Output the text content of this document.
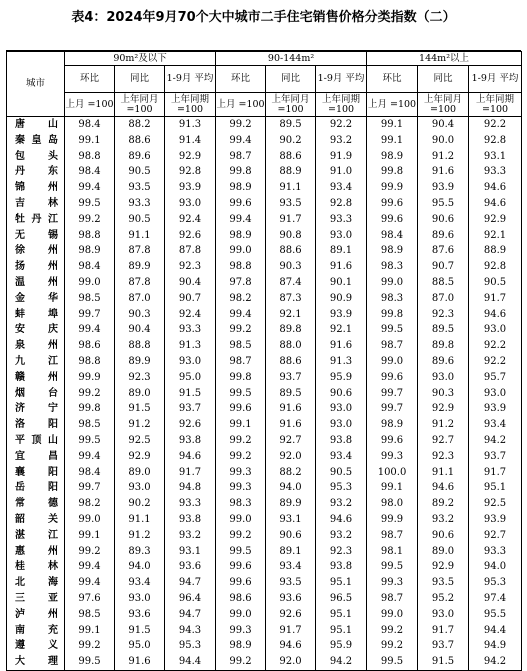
表4：2024年9月70个大中城市二手住宅销售价格分类指数（二）
城市	90m²及以下			90-144m²			144m²以上		
	环比	同比	1-9月 平均	环比	同比	1-9月 平均	环比	同比	1-9月 平均
	上月 =100	上年同月 =100	上年同期 =100	上月 =100	上年同月 =100	上年同期 =100	上月 =100	上年同月 =100	上年同期 =100
唐山	98.4	88.2	91.3	99.2	89.5	92.2	99.1	90.4	92.2
秦皇岛	99.1	88.6	91.4	99.4	90.2	93.2	99.1	90.0	92.8
包头	98.8	89.6	92.9	98.7	88.6	91.9	98.9	91.2	93.1
丹东	98.4	90.5	92.8	99.8	88.9	91.0	99.8	91.6	93.3
锦州	99.4	93.5	93.9	98.9	91.1	93.4	99.9	93.9	94.6
吉林	99.5	93.3	93.0	99.6	93.5	92.8	99.6	95.5	94.6
牡丹江	99.2	90.5	92.4	99.4	91.7	93.3	99.6	90.6	92.9
无锡	98.8	91.1	92.6	98.9	90.8	93.0	98.4	89.6	92.1
徐州	98.9	87.8	87.8	99.0	88.6	89.1	98.9	87.6	88.9
扬州	98.4	89.9	92.3	98.8	90.3	91.6	98.3	90.7	92.8
温州	99.0	87.8	90.4	97.8	87.4	90.1	99.0	88.5	90.5
金华	98.5	87.0	90.7	98.2	87.3	90.9	98.3	87.0	91.7
蚌埠	99.7	90.3	92.4	99.4	92.1	93.9	99.8	92.3	94.6
安庆	99.4	90.4	93.3	99.2	89.8	92.1	99.5	89.5	93.0
泉州	98.6	88.8	91.3	98.5	88.0	91.6	98.7	89.8	92.2
九江	98.8	89.9	93.0	98.7	88.6	91.3	99.0	89.6	92.2
赣州	99.9	92.3	95.0	99.8	93.7	95.9	99.6	93.0	95.7
烟台	99.2	89.0	91.5	99.5	89.5	90.6	99.7	90.3	93.0
济宁	99.8	91.5	93.7	99.6	91.6	93.0	99.7	92.9	93.9
洛阳	98.5	91.2	92.6	99.1	91.6	93.0	98.9	91.2	93.4
平顶山	99.5	92.5	93.8	99.2	92.7	93.8	99.6	92.7	94.2
宜昌	99.4	92.9	94.6	99.2	92.0	93.4	99.3	92.3	93.7
襄阳	98.4	89.0	91.7	99.3	88.2	90.5	100.0	91.1	91.7
岳阳	99.7	93.0	94.8	99.3	94.0	95.3	99.1	94.6	95.1
常德	98.2	90.2	93.3	98.3	89.9	93.2	98.0	89.2	92.5
韶关	99.0	91.1	93.8	99.0	93.1	94.6	99.9	93.2	93.9
湛江	99.1	91.2	93.2	99.2	90.6	93.2	98.7	90.6	92.7
惠州	99.2	89.3	93.1	99.5	89.1	92.3	98.1	89.0	93.3
桂林	99.4	94.0	93.6	99.6	93.4	93.8	99.5	92.9	94.0
北海	99.4	93.4	94.7	99.6	93.5	95.1	99.3	93.5	95.3
三亚	97.6	93.0	96.4	98.6	93.6	96.5	98.7	95.2	97.4
泸州	98.5	93.6	94.7	99.0	92.6	95.1	99.0	93.0	95.5
南充	99.1	91.5	94.3	99.3	91.7	95.1	99.2	91.7	94.4
遵义	99.2	95.0	95.3	98.9	94.6	95.9	99.2	93.7	94.9
大理	99.5	91.6	94.4	99.2	92.0	94.2	99.5	91.5	94.2
